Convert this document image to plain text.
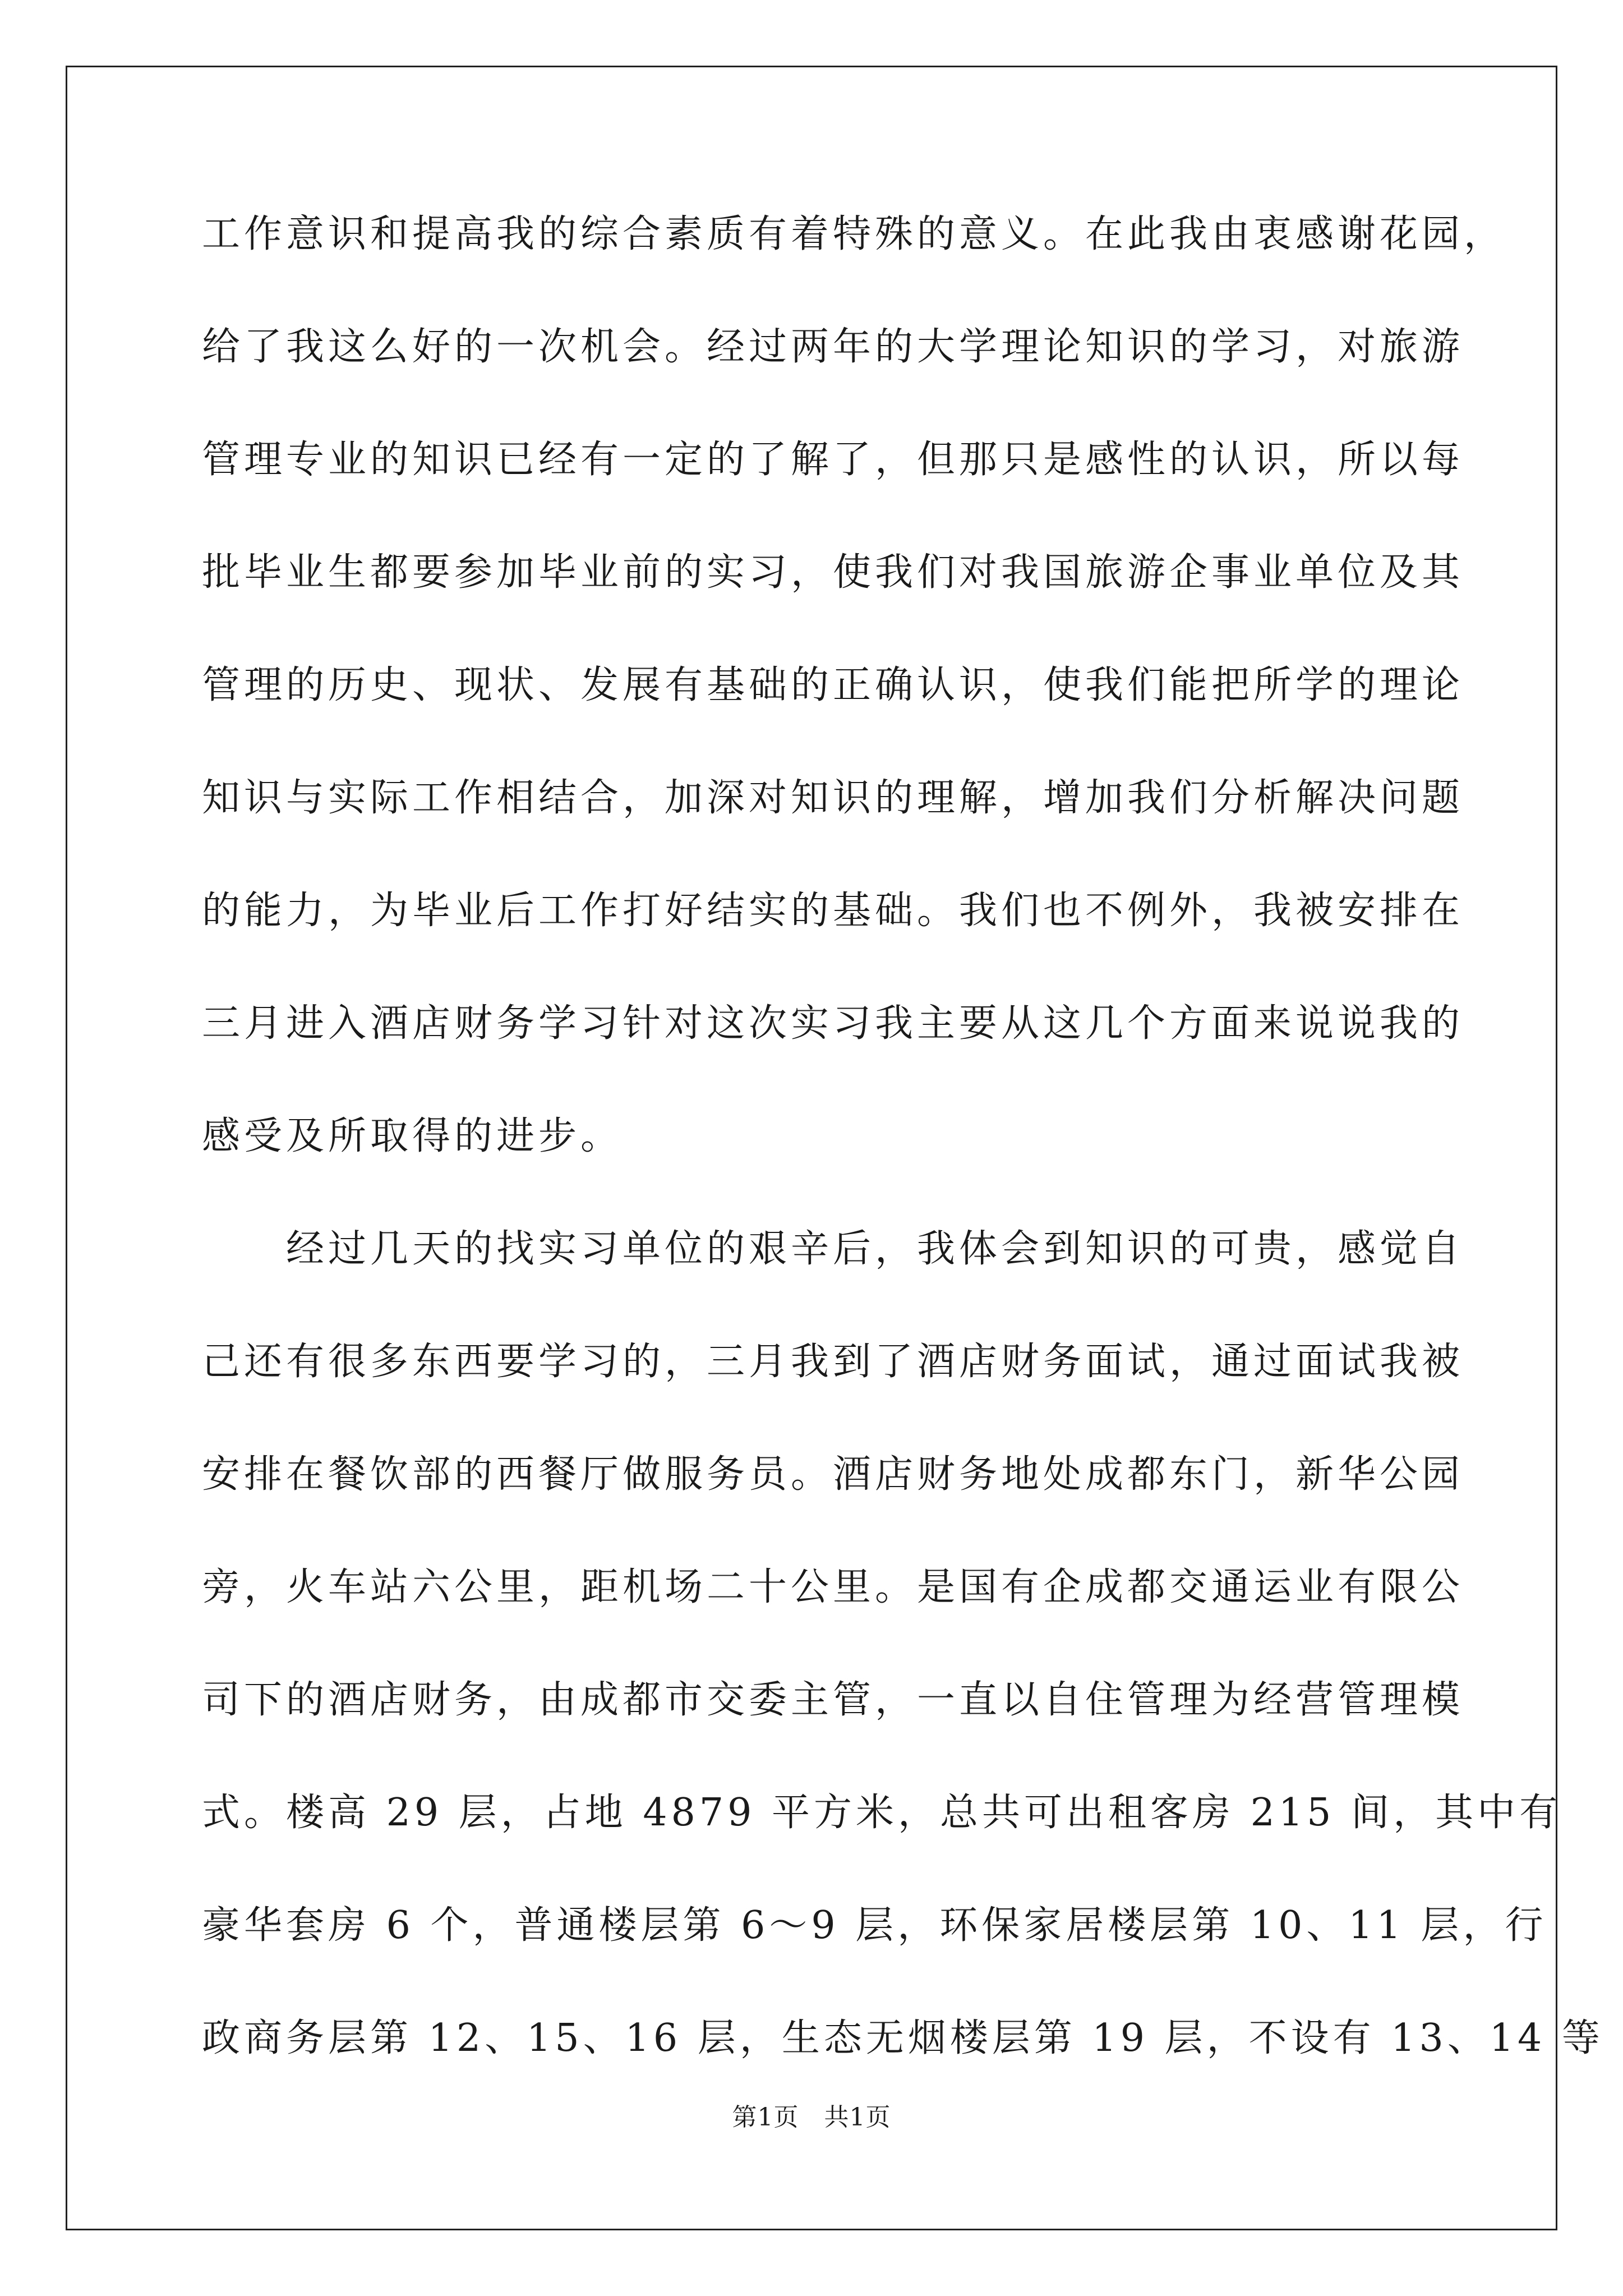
工作意识和提高我的综合素质有着特殊的意义。在此我由衷感谢花园，
给了我这么好的一次机会。经过两年的大学理论知识的学习，对旅游
管理专业的知识已经有一定的了解了，但那只是感性的认识，所以每
批毕业生都要参加毕业前的实习，使我们对我国旅游企事业单位及其
管理的历史、现状、发展有基础的正确认识，使我们能把所学的理论
知识与实际工作相结合，加深对知识的理解，增加我们分析解决问题
的能力，为毕业后工作打好结实的基础。我们也不例外，我被安排在
三月进入酒店财务学习针对这次实习我主要从这几个方面来说说我的
感受及所取得的进步。
经过几天的找实习单位的艰辛后，我体会到知识的可贵，感觉自
己还有很多东西要学习的，三月我到了酒店财务面试，通过面试我被
安排在餐饮部的西餐厅做服务员。酒店财务地处成都东门，新华公园
旁，火车站六公里，距机场二十公里。是国有企成都交通运业有限公
司下的酒店财务，由成都市交委主管，一直以自住管理为经营管理模
式。楼高 29 层，占地 4879 平方米，总共可出租客房 215 间，其中有
豪华套房 6 个，普通楼层第 6～9 层，环保家居楼层第 10、11 层，行
政商务层第 12、15、16 层，生态无烟楼层第 19 层，不设有 13、14 等
第1页   共1页
